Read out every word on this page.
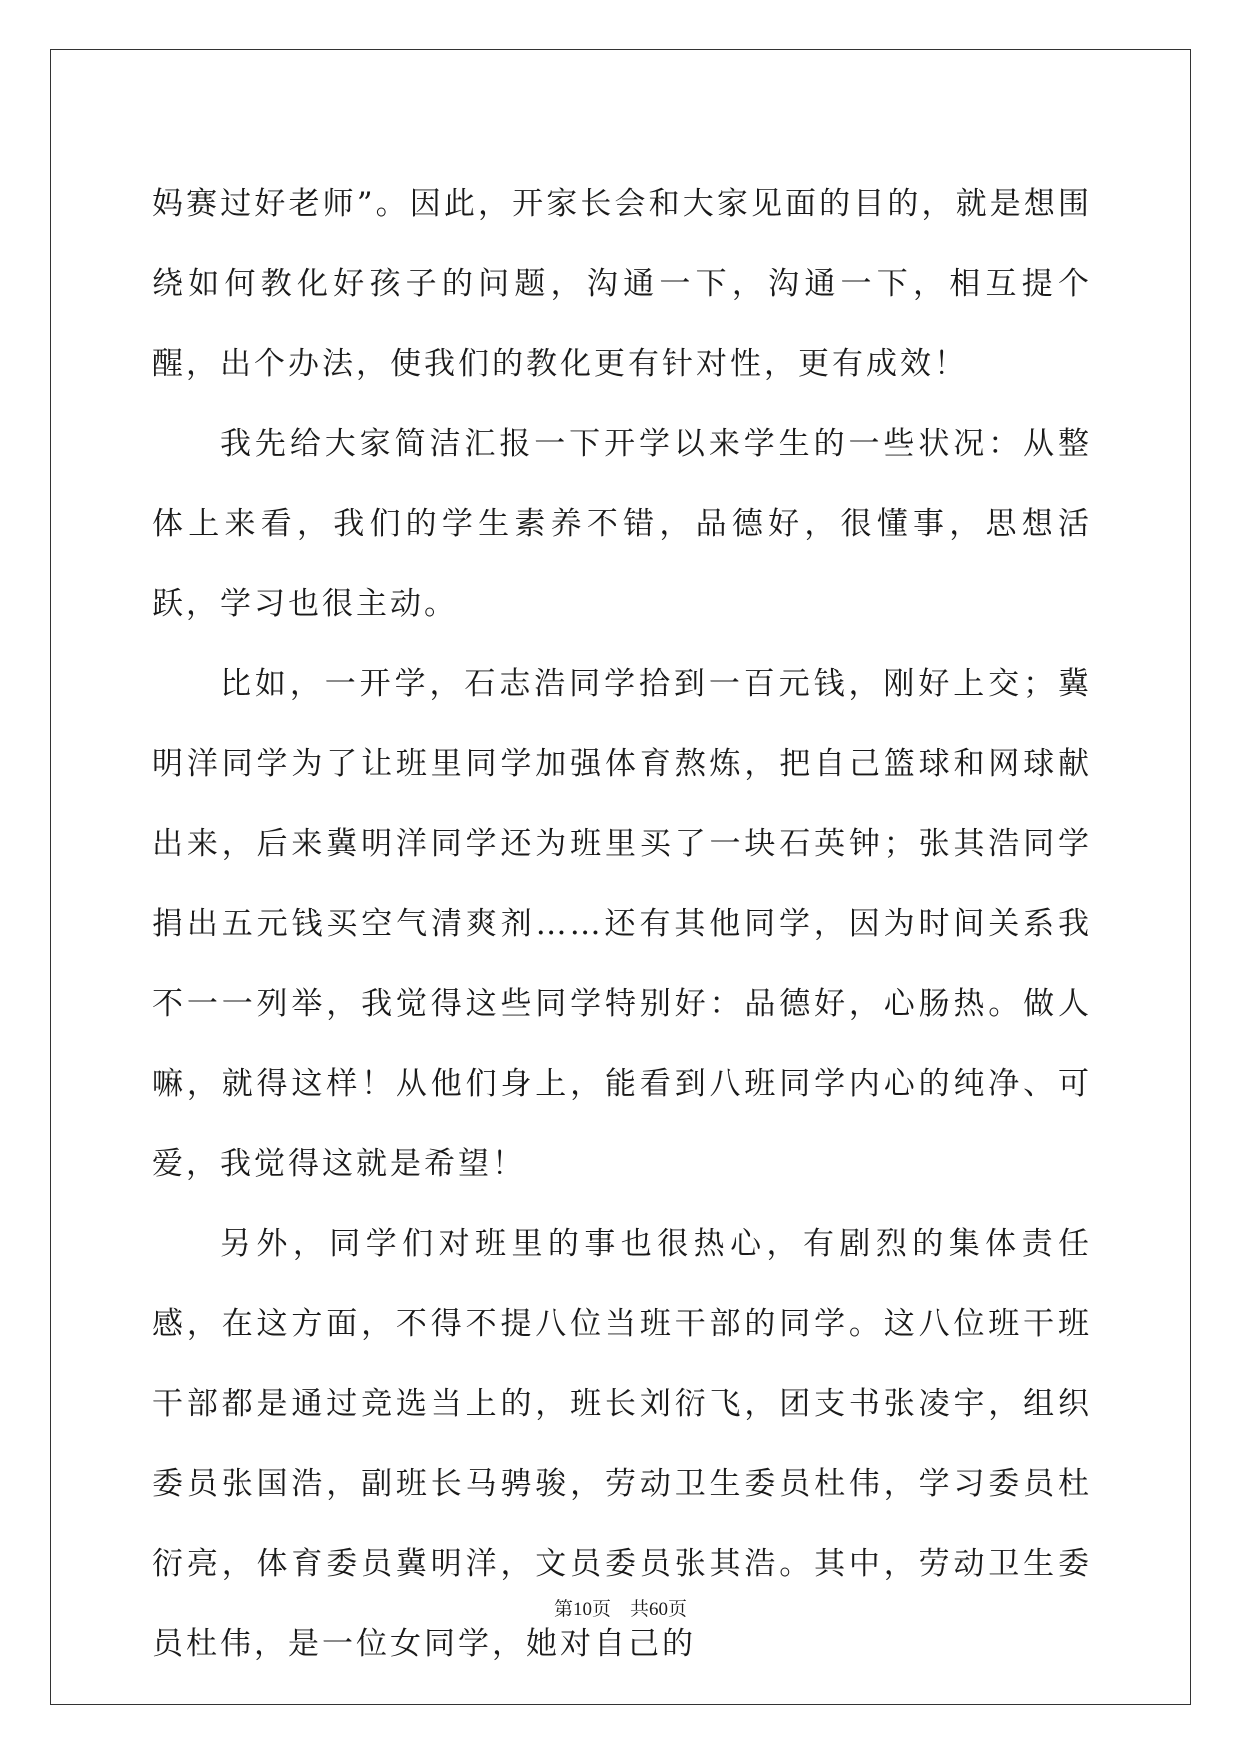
妈赛过好老师”。因此，开家长会和大家见面的目的，就是想围绕如何教化好孩子的问题，沟通一下，沟通一下，相互提个醒，出个办法，使我们的教化更有针对性，更有成效！

我先给大家简洁汇报一下开学以来学生的一些状况：从整体上来看，我们的学生素养不错，品德好，很懂事，思想活跃，学习也很主动。

比如，一开学，石志浩同学拾到一百元钱，刚好上交；冀明洋同学为了让班里同学加强体育熬炼，把自己篮球和网球献出来，后来冀明洋同学还为班里买了一块石英钟；张其浩同学捐出五元钱买空气清爽剂……还有其他同学，因为时间关系我不一一列举，我觉得这些同学特别好：品德好，心肠热。做人嘛，就得这样！从他们身上，能看到八班同学内心的纯净、可爱，我觉得这就是希望！

另外，同学们对班里的事也很热心，有剧烈的集体责任感，在这方面，不得不提八位当班干部的同学。这八位班干班干部都是通过竞选当上的，班长刘衍飞，团支书张凌宇，组织委员张国浩，副班长马骋骏，劳动卫生委员杜伟，学习委员杜衍亮，体育委员冀明洋，文员委员张其浩。其中，劳动卫生委员杜伟，是一位女同学，她对自己的

第10页　共60页
